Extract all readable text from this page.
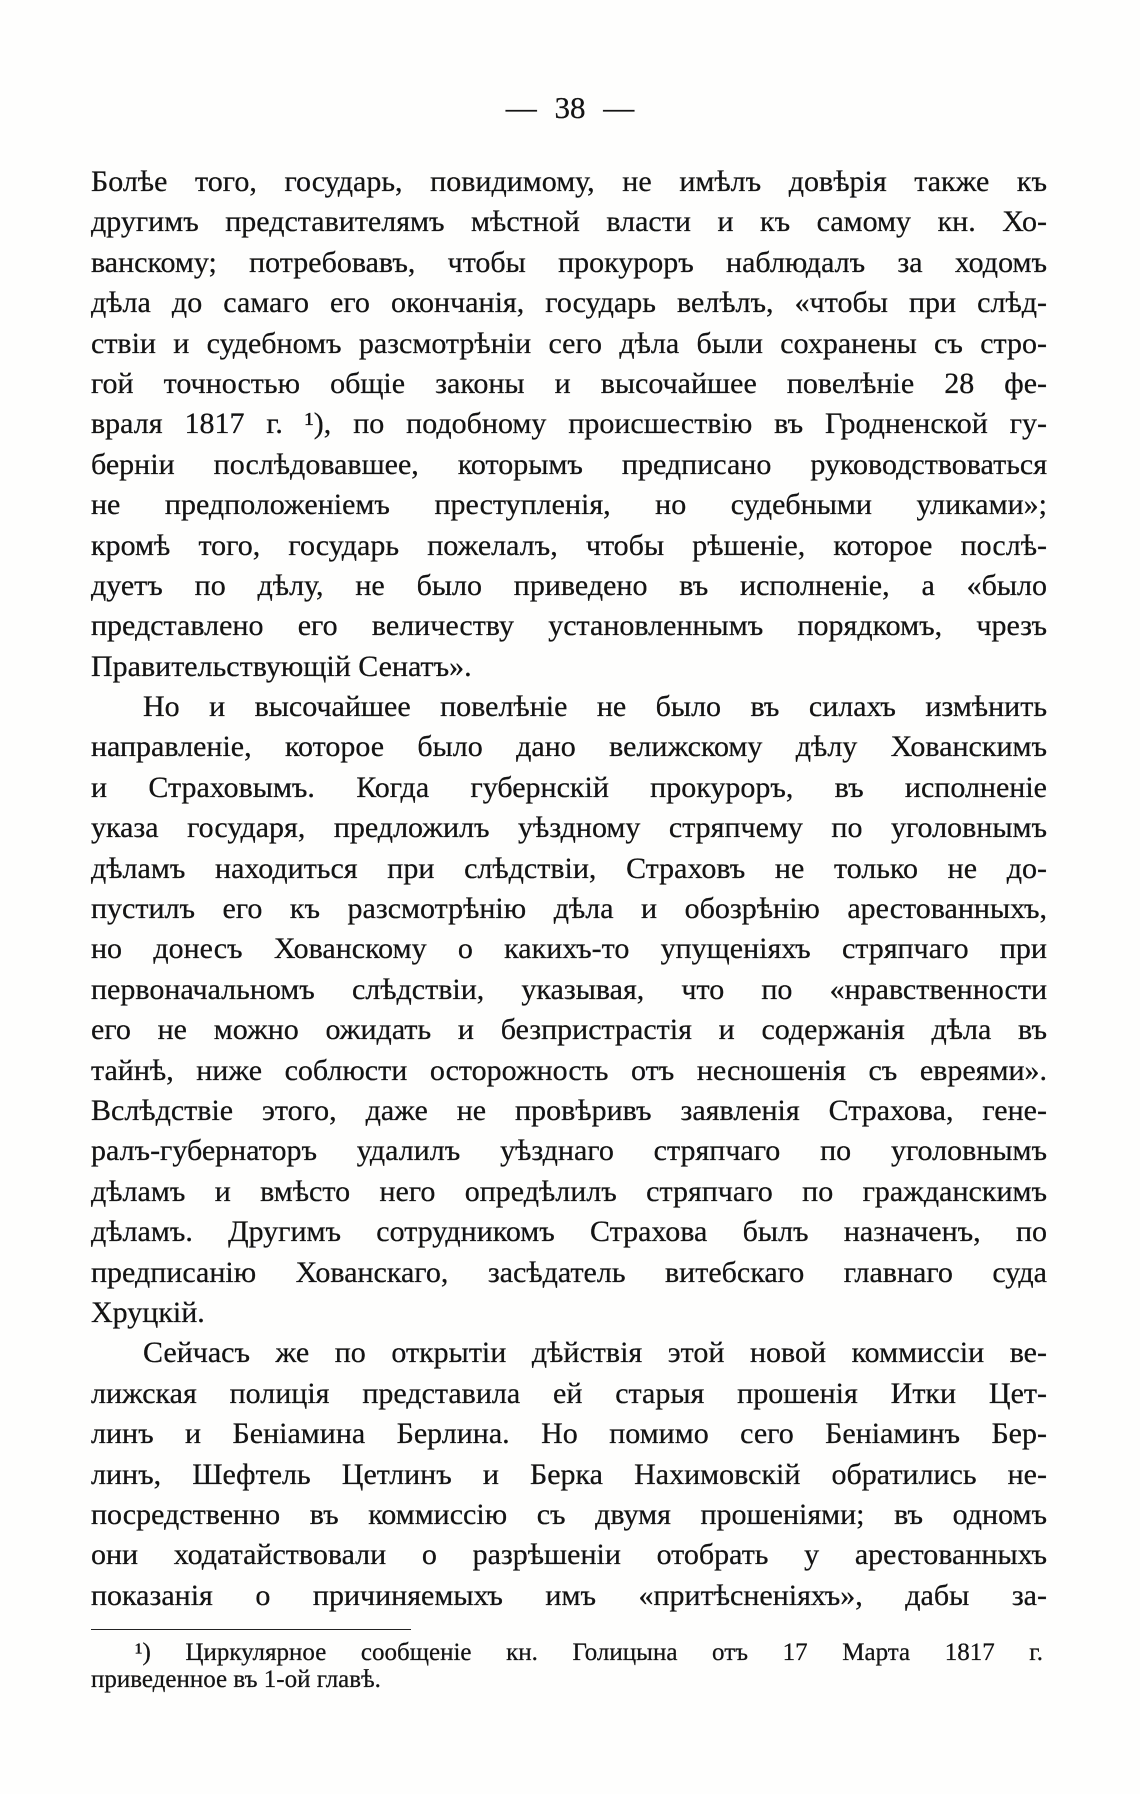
— 38 —
Болѣе того, государь, повидимому, не имѣлъ довѣрія также къ
другимъ представителямъ мѣстной власти и къ самому кн. Хо-
ванскому; потребовавъ, чтобы прокуроръ наблюдалъ за ходомъ
дѣла до самаго его окончанія, государь велѣлъ, «чтобы при слѣд-
ствіи и судебномъ разсмотрѣніи сего дѣла были сохранены съ стро-
гой точностью общіе законы и высочайшее повелѣніе 28 фе-
враля 1817 г. ¹), по подобному происшествію въ Гродненской гу-
берніи послѣдовавшее, которымъ предписано руководствоваться
не предположеніемъ преступленія, но судебными уликами»;
кромѣ того, государь пожелалъ, чтобы рѣшеніе, которое послѣ-
дуетъ по дѣлу, не было приведено въ исполненіе, а «было
представлено его величеству установленнымъ порядкомъ, чрезъ
Правительствующій Сенатъ».
Но и высочайшее повелѣніе не было въ силахъ измѣнить
направленіе, которое было дано велижскому дѣлу Хованскимъ
и Страховымъ. Когда губернскій прокуроръ, въ исполненіе
указа государя, предложилъ уѣздному стряпчему по уголовнымъ
дѣламъ находиться при слѣдствіи, Страховъ не только не до-
пустилъ его къ разсмотрѣнію дѣла и обозрѣнію арестованныхъ,
но донесъ Хованскому о какихъ-то упущеніяхъ стряпчаго при
первоначальномъ слѣдствіи, указывая, что по «нравственности
его не можно ожидать и безпристрастія и содержанія дѣла въ
тайнѣ, ниже соблюсти осторожность отъ несношенія съ евреями».
Вслѣдствіе этого, даже не провѣривъ заявленія Страхова, гене-
ралъ-губернаторъ удалилъ уѣзднаго стряпчаго по уголовнымъ
дѣламъ и вмѣсто него опредѣлилъ стряпчаго по гражданскимъ
дѣламъ. Другимъ сотрудникомъ Страхова былъ назначенъ, по
предписанію Хованскаго, засѣдатель витебскаго главнаго суда
Хруцкій.
Сейчасъ же по открытіи дѣйствія этой новой коммиссіи ве-
лижская полиція представила ей старыя прошенія Итки Цет-
линъ и Беніамина Берлина. Но помимо сего Беніаминъ Бер-
линъ, Шефтель Цетлинъ и Берка Нахимовскій обратились не-
посредственно въ коммиссію съ двумя прошеніями; въ одномъ
они ходатайствовали о разрѣшеніи отобрать у арестованныхъ
показанія о причиняемыхъ имъ «притѣсненіяхъ», дабы за-
¹) Циркулярное сообщеніе кн. Голицына отъ 17 Марта 1817 г.
приведенное въ 1-ой главѣ.
